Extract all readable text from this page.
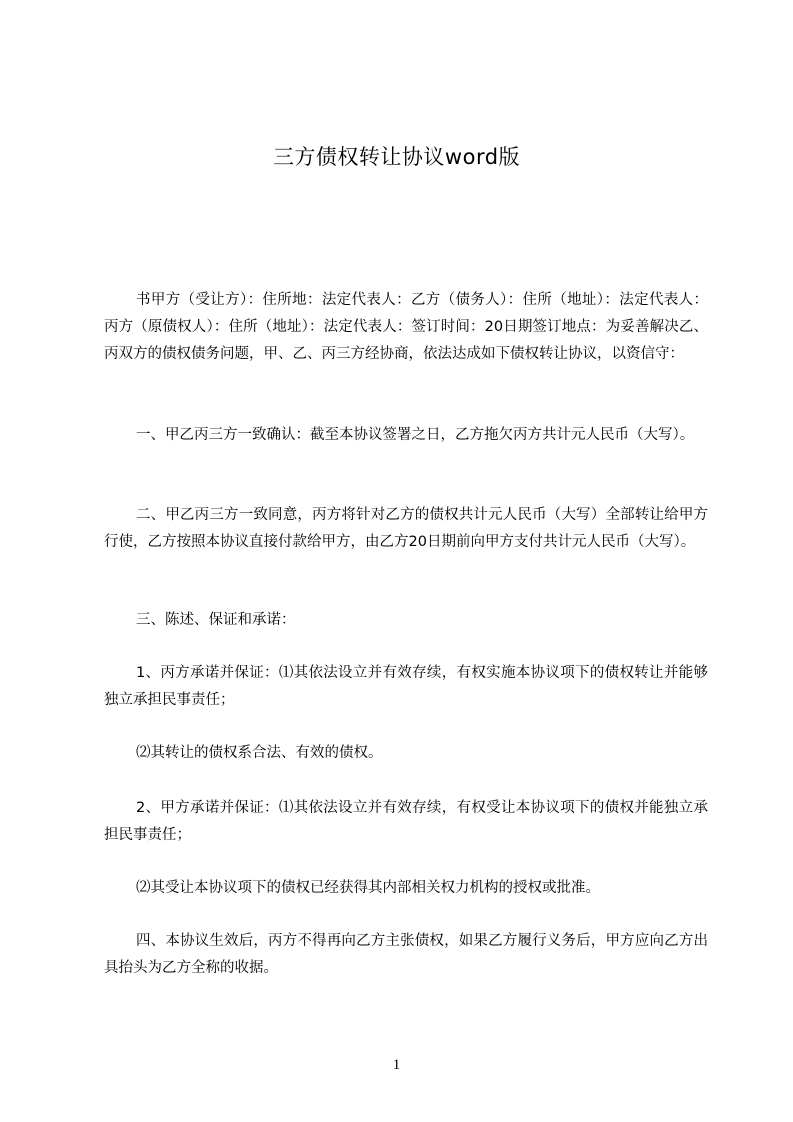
三方债权转让协议word版
书甲方（受让方）：住所地：法定代表人：乙方（债务人）：住所（地址）：法定代表人：丙方（原债权人）：住所（地址）：法定代表人：签订时间：20日期签订地点：为妥善解决乙、丙双方的债权债务问题，甲、乙、丙三方经协商，依法达成如下债权转让协议，以资信守：
一、甲乙丙三方一致确认：截至本协议签署之日，乙方拖欠丙方共计元人民币（大写）。
二、甲乙丙三方一致同意，丙方将针对乙方的债权共计元人民币（大写）全部转让给甲方行使，乙方按照本协议直接付款给甲方，由乙方20日期前向甲方支付共计元人民币（大写）。
三、陈述、保证和承诺：
1、丙方承诺并保证：⑴其依法设立并有效存续，有权实施本协议项下的债权转让并能够独立承担民事责任；
⑵其转让的债权系合法、有效的债权。
2、甲方承诺并保证：⑴其依法设立并有效存续，有权受让本协议项下的债权并能独立承担民事责任；
⑵其受让本协议项下的债权已经获得其内部相关权力机构的授权或批准。
四、本协议生效后，丙方不得再向乙方主张债权，如果乙方履行义务后，甲方应向乙方出具抬头为乙方全称的收据。
1
